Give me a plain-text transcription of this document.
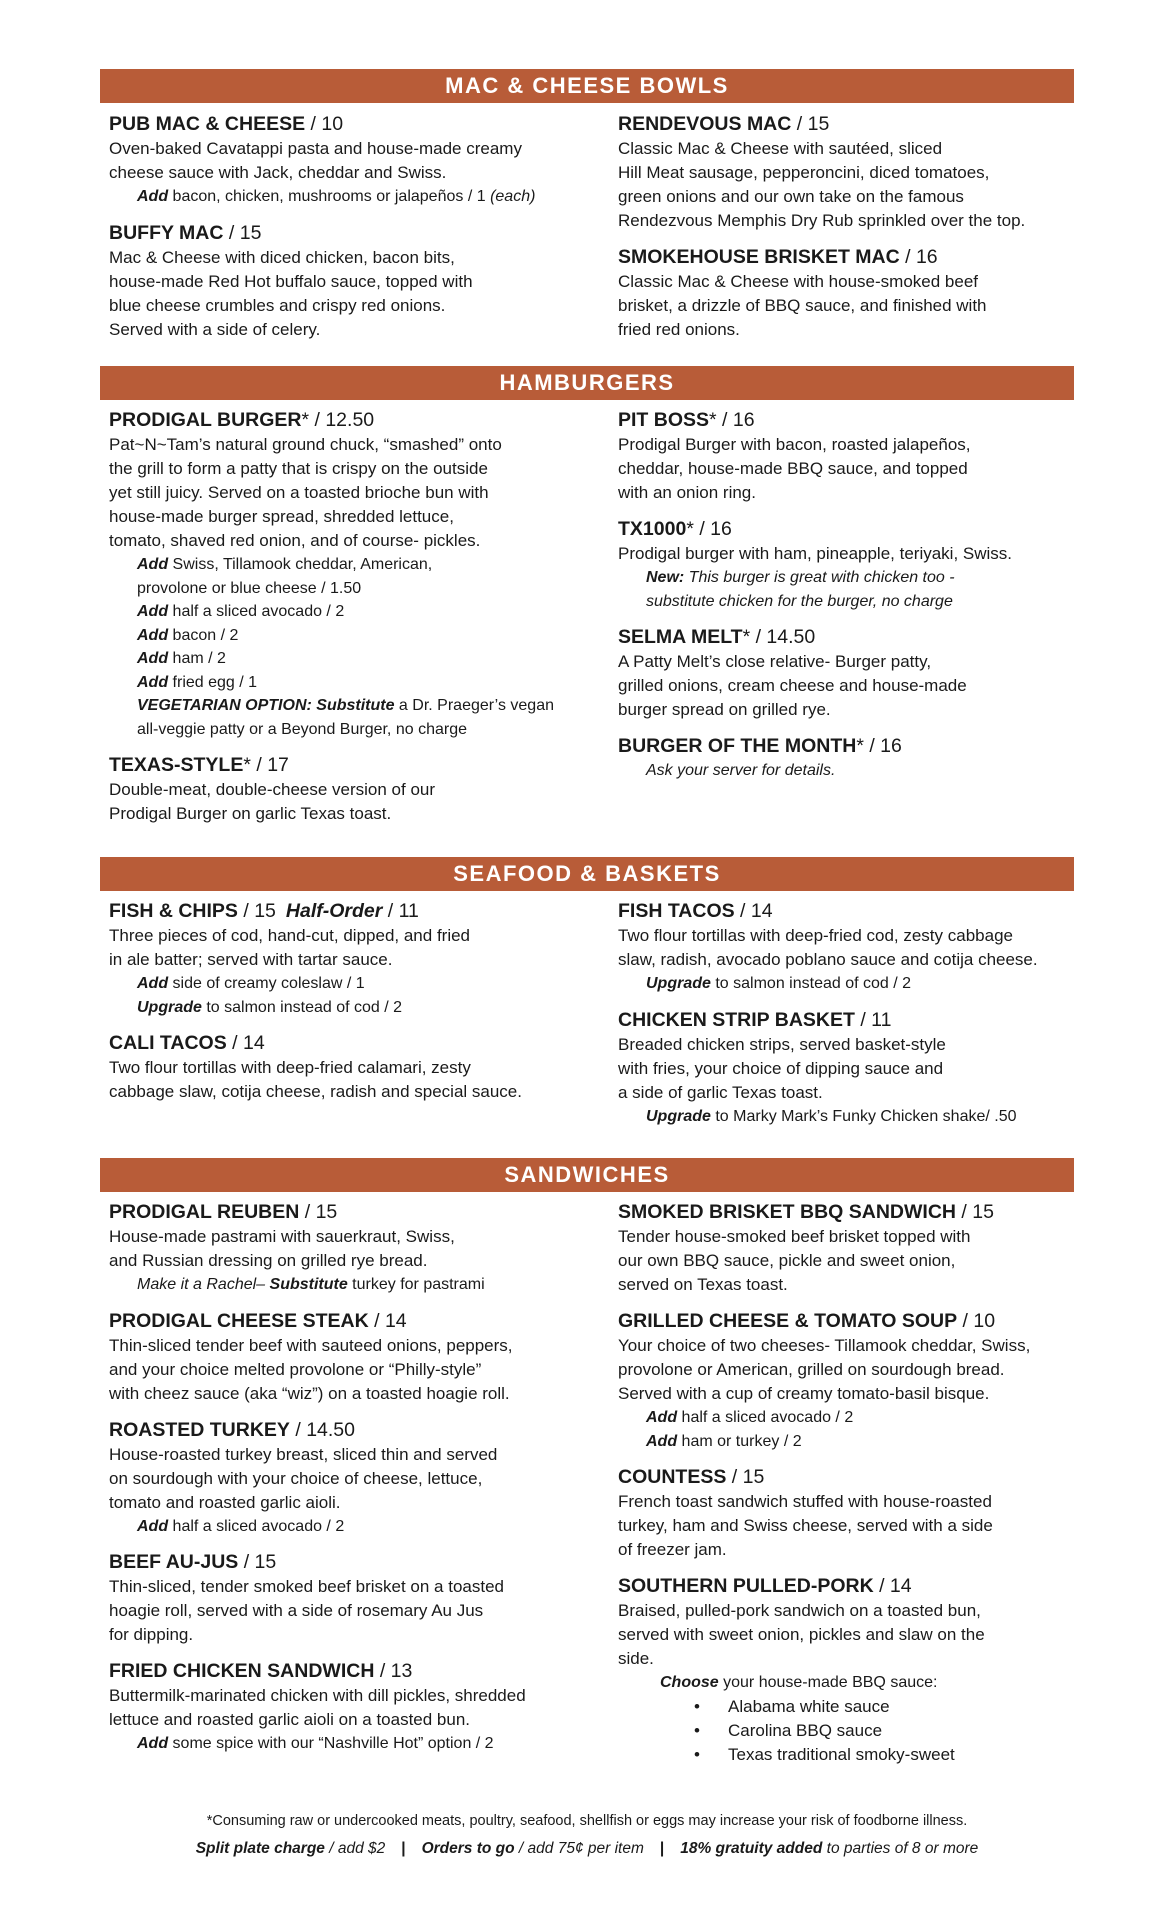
MAC & CHEESE BOWLS

PUB MAC & CHEESE / 10

Oven-baked Cavatappi pasta and house-made creamy

cheese sauce with Jack, cheddar and Swiss.

Add bacon, chicken, mushrooms or jalapeños / 1 (each)

BUFFY MAC / 15

Mac & Cheese with diced chicken, bacon bits,

house-made Red Hot buffalo sauce, topped with

blue cheese crumbles and crispy red onions.

Served with a side of celery.

RENDEVOUS MAC / 15

Classic Mac & Cheese with sautéed, sliced

Hill Meat sausage, pepperoncini, diced tomatoes,

green onions and our own take on the famous

Rendezvous Memphis Dry Rub sprinkled over the top.

SMOKEHOUSE BRISKET MAC / 16

Classic Mac & Cheese with house-smoked beef

brisket, a drizzle of BBQ sauce, and finished with

fried red onions.

HAMBURGERS

PRODIGAL BURGER* / 12.50

Pat~N~Tam’s natural ground chuck, “smashed” onto

the grill to form a patty that is crispy on the outside

yet still juicy. Served on a toasted brioche bun with

house-made burger spread, shredded lettuce,

tomato, shaved red onion, and of course- pickles.

Add Swiss, Tillamook cheddar, American,

provolone or blue cheese / 1.50

Add half a sliced avocado / 2

Add bacon / 2

Add ham / 2

Add fried egg / 1

VEGETARIAN OPTION: Substitute a Dr. Praeger’s vegan

all-veggie patty or a Beyond Burger, no charge

TEXAS-STYLE* / 17

Double-meat, double-cheese version of our

Prodigal Burger on garlic Texas toast.

PIT BOSS* / 16

Prodigal Burger with bacon, roasted jalapeños,

cheddar, house-made BBQ sauce, and topped

with an onion ring.

TX1000* / 16

Prodigal burger with ham, pineapple, teriyaki, Swiss.

New: This burger is great with chicken too -

substitute chicken for the burger, no charge

SELMA MELT* / 14.50

A Patty Melt’s close relative- Burger patty,

grilled onions, cream cheese and house-made

burger spread on grilled rye.

BURGER OF THE MONTH* / 16

Ask your server for details.

SEAFOOD & BASKETS

FISH & CHIPS / 15 Half-Order / 11

Three pieces of cod, hand-cut, dipped, and fried

in ale batter; served with tartar sauce.

Add side of creamy coleslaw / 1

Upgrade to salmon instead of cod / 2

CALI TACOS / 14

Two flour tortillas with deep-fried calamari, zesty

cabbage slaw, cotija cheese, radish and special sauce.

FISH TACOS / 14

Two flour tortillas with deep-fried cod, zesty cabbage

slaw, radish, avocado poblano sauce and cotija cheese.

Upgrade to salmon instead of cod / 2

CHICKEN STRIP BASKET / 11

Breaded chicken strips, served basket-style

with fries, your choice of dipping sauce and

a side of garlic Texas toast.

Upgrade to Marky Mark’s Funky Chicken shake/ .50

SANDWICHES

PRODIGAL REUBEN / 15

House-made pastrami with sauerkraut, Swiss,

and Russian dressing on grilled rye bread.

Make it a Rachel– Substitute turkey for pastrami

PRODIGAL CHEESE STEAK / 14

Thin-sliced tender beef with sauteed onions, peppers,

and your choice melted provolone or “Philly-style”

with cheez sauce (aka “wiz”) on a toasted hoagie roll.

ROASTED TURKEY / 14.50

House-roasted turkey breast, sliced thin and served

on sourdough with your choice of cheese, lettuce,

tomato and roasted garlic aioli.

Add half a sliced avocado / 2

BEEF AU-JUS / 15

Thin-sliced, tender smoked beef brisket on a toasted

hoagie roll, served with a side of rosemary Au Jus

for dipping.

FRIED CHICKEN SANDWICH / 13

Buttermilk-marinated chicken with dill pickles, shredded

lettuce and roasted garlic aioli on a toasted bun.

Add some spice with our “Nashville Hot” option / 2

SMOKED BRISKET BBQ SANDWICH / 15

Tender house-smoked beef brisket topped with

our own BBQ sauce, pickle and sweet onion,

served on Texas toast.

GRILLED CHEESE & TOMATO SOUP / 10

Your choice of two cheeses- Tillamook cheddar, Swiss,

provolone or American, grilled on sourdough bread.

Served with a cup of creamy tomato-basil bisque.

Add half a sliced avocado / 2

Add ham or turkey / 2

COUNTESS / 15

French toast sandwich stuffed with house-roasted

turkey, ham and Swiss cheese, served with a side

of freezer jam.

SOUTHERN PULLED-PORK / 14

Braised, pulled-pork sandwich on a toasted bun,

served with sweet onion, pickles and slaw on the

side.

Choose your house-made BBQ sauce:

• Alabama white sauce
• Carolina BBQ sauce
• Texas traditional smoky-sweet
*Consuming raw or undercooked meats, poultry, seafood, shellfish or eggs may increase your risk of foodborne illness.
Split plate charge / add $2 | Orders to go / add 75¢ per item | 18% gratuity added to parties of 8 or more
